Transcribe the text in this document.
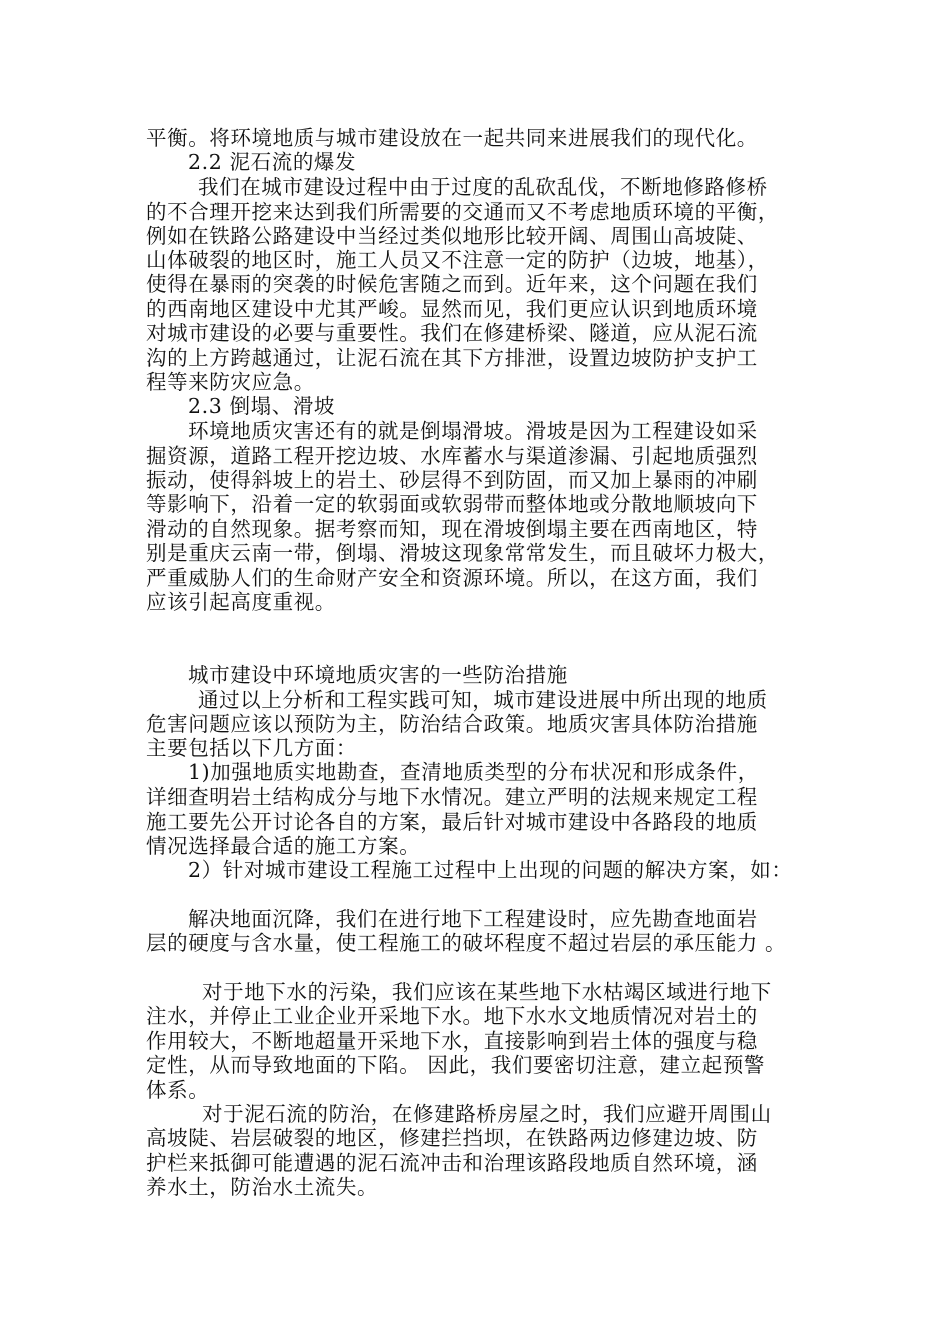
平衡。将环境地质与城市建设放在一起共同来进展我们的现代化。
2.2 泥石流的爆发
我们在城市建设过程中由于过度的乱砍乱伐，不断地修路修桥
的不合理开挖来达到我们所需要的交通而又不考虑地质环境的平衡，
例如在铁路公路建设中当经过类似地形比较开阔、周围山高坡陡、
山体破裂的地区时，施工人员又不注意一定的防护（边坡，地基），
使得在暴雨的突袭的时候危害随之而到。近年来，这个问题在我们
的西南地区建设中尤其严峻。显然而见，我们更应认识到地质环境
对城市建设的必要与重要性。我们在修建桥梁、隧道，应从泥石流
沟的上方跨越通过，让泥石流在其下方排泄，设置边坡防护支护工
程等来防灾应急。
2.3 倒塌、滑坡
环境地质灾害还有的就是倒塌滑坡。滑坡是因为工程建设如采
掘资源，道路工程开挖边坡、水库蓄水与渠道渗漏、引起地质强烈
振动，使得斜坡上的岩土、砂层得不到防固，而又加上暴雨的冲刷
等影响下，沿着一定的软弱面或软弱带而整体地或分散地顺坡向下
滑动的自然现象。据考察而知，现在滑坡倒塌主要在西南地区，特
别是重庆云南一带，倒塌、滑坡这现象常常发生，而且破坏力极大，
严重威胁人们的生命财产安全和资源环境。所以，在这方面，我们
应该引起高度重视。
城市建设中环境地质灾害的一些防治措施
通过以上分析和工程实践可知，城市建设进展中所出现的地质
危害问题应该以预防为主，防治结合政策。地质灾害具体防治措施
主要包括以下几方面：
1)加强地质实地勘查，查清地质类型的分布状况和形成条件，
详细查明岩土结构成分与地下水情况。建立严明的法规来规定工程
施工要先公开讨论各自的方案，最后针对城市建设中各路段的地质
情况选择最合适的施工方案。
2）针对城市建设工程施工过程中上出现的问题的解决方案，如：
解决地面沉降，我们在进行地下工程建设时，应先勘查地面岩
层的硬度与含水量，使工程施工的破坏程度不超过岩层的承压能力 。
对于地下水的污染，我们应该在某些地下水枯竭区域进行地下
注水，并停止工业企业开采地下水。地下水水文地质情况对岩土的
作用较大，不断地超量开采地下水，直接影响到岩土体的强度与稳
定性，从而导致地面的下陷。 因此，我们要密切注意，建立起预警
体系。
对于泥石流的防治，在修建路桥房屋之时，我们应避开周围山
高坡陡、岩层破裂的地区，修建拦挡坝，在铁路两边修建边坡、防
护栏来抵御可能遭遇的泥石流冲击和治理该路段地质自然环境，涵
养水土，防治水土流失。
